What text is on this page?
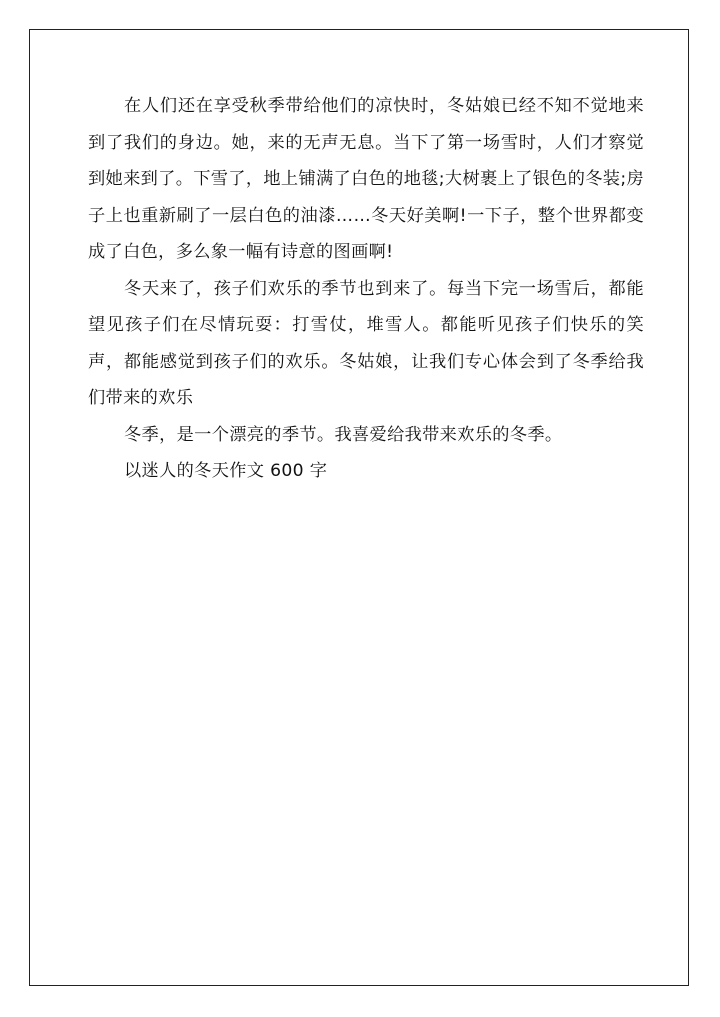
在人们还在享受秋季带给他们的凉快时，冬姑娘已经不知不觉地来到了我们的身边。她，来的无声无息。当下了第一场雪时，人们才察觉到她来到了。下雪了，地上铺满了白色的地毯;大树裹上了银色的冬装;房子上也重新刷了一层白色的油漆……冬天好美啊!一下子，整个世界都变成了白色，多么象一幅有诗意的图画啊!

冬天来了，孩子们欢乐的季节也到来了。每当下完一场雪后，都能望见孩子们在尽情玩耍：打雪仗，堆雪人。都能听见孩子们快乐的笑声，都能感觉到孩子们的欢乐。冬姑娘，让我们专心体会到了冬季给我们带来的欢乐

冬季，是一个漂亮的季节。我喜爱给我带来欢乐的冬季。

以迷人的冬天作文 600 字
